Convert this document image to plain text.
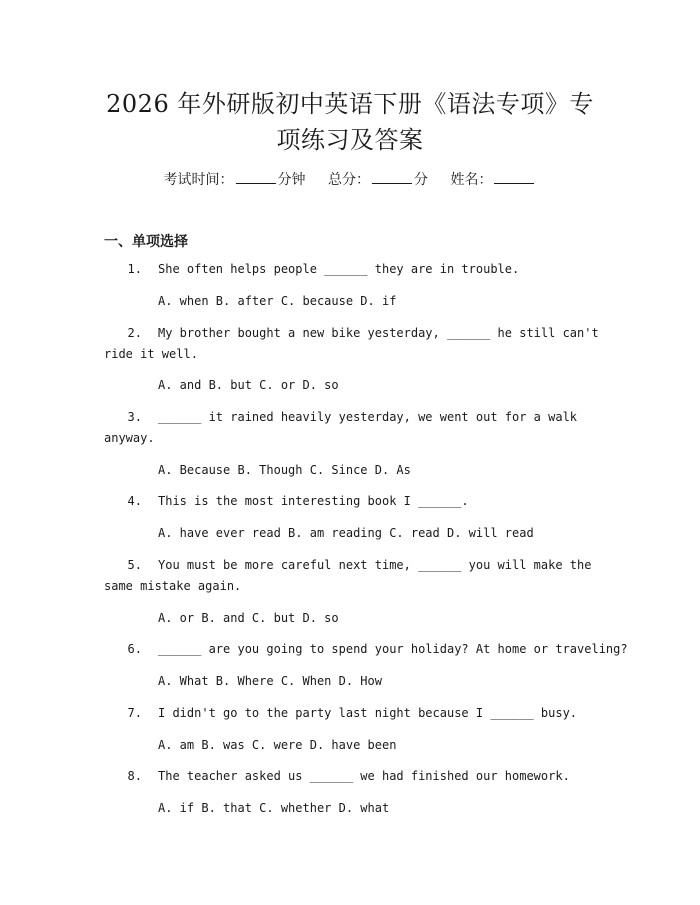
2026 年外研版初中英语下册《语法专项》专
项练习及答案
考试时间：	分钟 总分：	分 姓名：
一、单项选择
1. She often helps people ______ they are in trouble.
A. when B. after C. because D. if
2. My brother bought a new bike yesterday, ______ he still can't
ride it well.
A. and B. but C. or D. so
3. ______ it rained heavily yesterday, we went out for a walk
anyway.
A. Because B. Though C. Since D. As
4. This is the most interesting book I ______.
A. have ever read B. am reading C. read D. will read
5. You must be more careful next time, ______ you will make the
same mistake again.
A. or B. and C. but D. so
6. ______ are you going to spend your holiday? At home or traveling?
A. What B. Where C. When D. How
7. I didn't go to the party last night because I ______ busy.
A. am B. was C. were D. have been
8. The teacher asked us ______ we had finished our homework.
A. if B. that C. whether D. what
